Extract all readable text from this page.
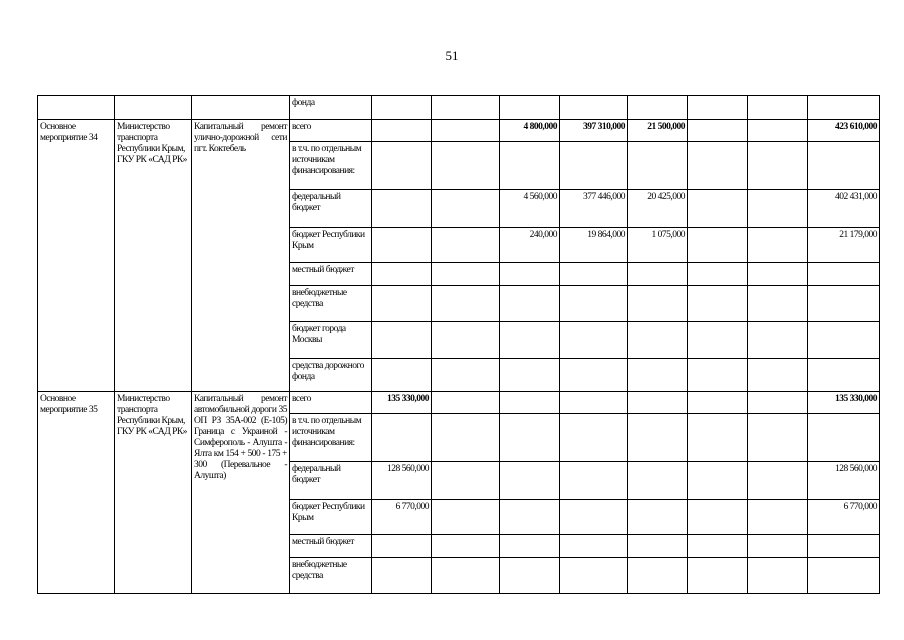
51
			фонда								
Основное мероприятие 34	Министерство транспорта Республики Крым, ГКУ РК «САД РК»	Капитальный ремонт улично-дорожной сети пгт. Коктебель	всего			4 800,000	397 310,000	21 500,000			423 610,000
			в т.ч. по отдельным источникам финансирования:								
			федеральный бюджет			4 560,000	377 446,000	20 425,000			402 431,000
			бюджет Республики Крым			240,000	19 864,000	1 075,000			21 179,000
			местный бюджет								
			внебюджетные средства								
			бюджет города Москвы								
			средства дорожного фонда								
Основное мероприятие 35	Министерство транспорта Республики Крым, ГКУ РК «САД РК»	Капитальный ремонт автомобильной дороги 35 ОП РЗ 35А-002 (Е-105) Граница с Украиной - Симферополь - Алушта - Ялта км 154 + 500 - 175 + 300 (Перевальное - Алушта)	всего	135 330,000							135 330,000
			в т.ч. по отдельным источникам финансирования:								
			федеральный бюджет	128 560,000							128 560,000
			бюджет Республики Крым	6 770,000							6 770,000
			местный бюджет								
			внебюджетные средства								
